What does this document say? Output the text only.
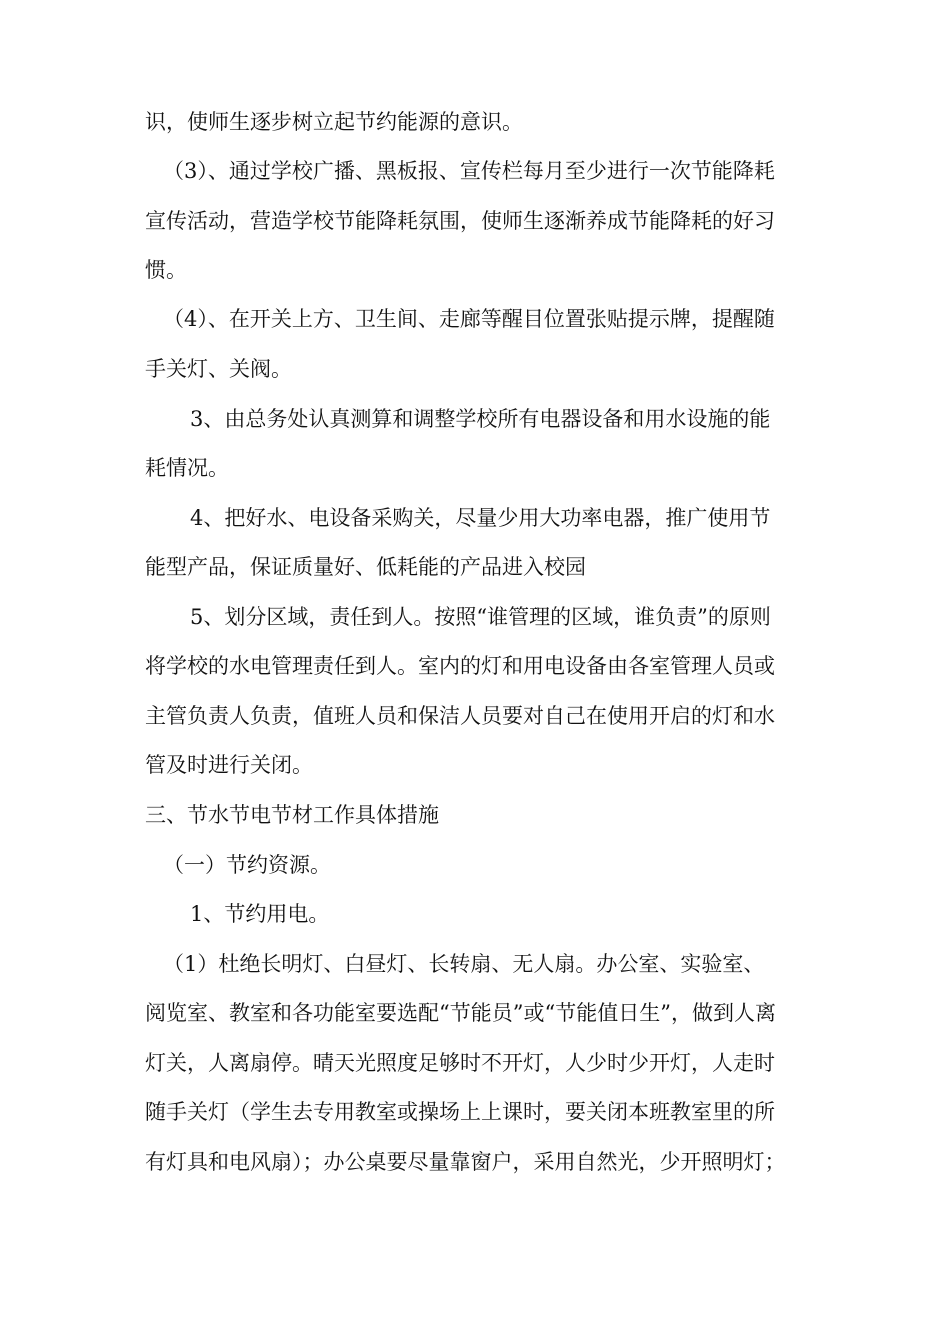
识，使师生逐步树立起节约能源的意识。
（3）、通过学校广播、黑板报、宣传栏每月至少进行一次节能降耗
宣传活动，营造学校节能降耗氛围，使师生逐渐养成节能降耗的好习
惯。
（4）、在开关上方、卫生间、走廊等醒目位置张贴提示牌，提醒随
手关灯、关阀。
3、由总务处认真测算和调整学校所有电器设备和用水设施的能
耗情况。
4、把好水、电设备采购关，尽量少用大功率电器，推广使用节
能型产品，保证质量好、低耗能的产品进入校园
5、划分区域，责任到人。按照“谁管理的区域，谁负责”的原则
将学校的水电管理责任到人。室内的灯和用电设备由各室管理人员或
主管负责人负责，值班人员和保洁人员要对自己在使用开启的灯和水
管及时进行关闭。
三、节水节电节材工作具体措施
（一）节约资源。
1、节约用电。
（1）杜绝长明灯、白昼灯、长转扇、无人扇。办公室、实验室、
阅览室、教室和各功能室要选配“节能员”或“节能值日生”，做到人离
灯关，人离扇停。晴天光照度足够时不开灯，人少时少开灯，人走时
随手关灯（学生去专用教室或操场上上课时，要关闭本班教室里的所
有灯具和电风扇）；办公桌要尽量靠窗户，采用自然光，少开照明灯；
